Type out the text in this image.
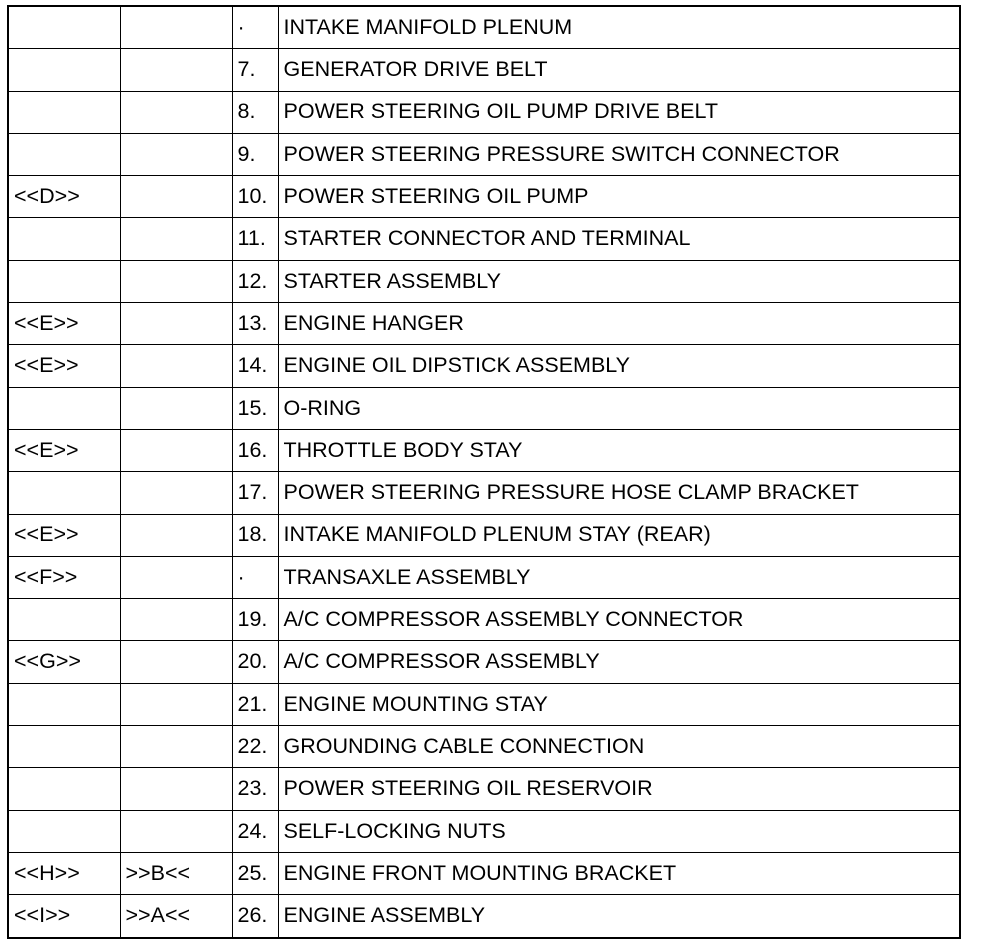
		·	INTAKE MANIFOLD PLENUM
		7.	GENERATOR DRIVE BELT
		8.	POWER STEERING OIL PUMP DRIVE BELT
		9.	POWER STEERING PRESSURE SWITCH CONNECTOR
<<D>>		10.	POWER STEERING OIL PUMP
		11.	STARTER CONNECTOR AND TERMINAL
		12.	STARTER ASSEMBLY
<<E>>		13.	ENGINE HANGER
<<E>>		14.	ENGINE OIL DIPSTICK ASSEMBLY
		15.	O-RING
<<E>>		16.	THROTTLE BODY STAY
		17.	POWER STEERING PRESSURE HOSE CLAMP BRACKET
<<E>>		18.	INTAKE MANIFOLD PLENUM STAY (REAR)
<<F>>		·	TRANSAXLE ASSEMBLY
		19.	A/C COMPRESSOR ASSEMBLY CONNECTOR
<<G>>		20.	A/C COMPRESSOR ASSEMBLY
		21.	ENGINE MOUNTING STAY
		22.	GROUNDING CABLE CONNECTION
		23.	POWER STEERING OIL RESERVOIR
		24.	SELF-LOCKING NUTS
<<H>>	>>B<<	25.	ENGINE FRONT MOUNTING BRACKET
<<I>>	>>A<<	26.	ENGINE ASSEMBLY
